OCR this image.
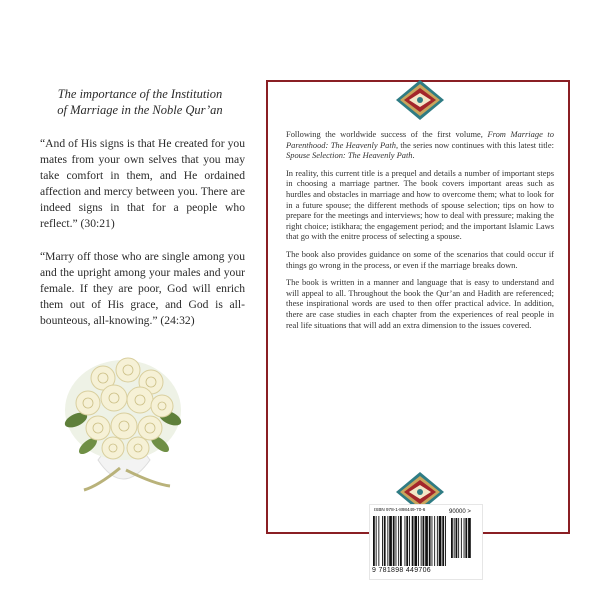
The importance of the Institution
of Marriage in the Noble Qur’an
“And of His signs is that He created for you mates from your own selves that you may take comfort in them, and He ordained affection and mercy between you. There are indeed signs in that for a people who reflect.” (30:21)
“Marry off those who are single among you and the upright among your males and your female. If they are poor, God will enrich them out of His grace, and God is all-bounteous, all-knowing.” (24:32)

Following the worldwide success of the first volume, From Marriage to Parenthood: The Heavenly Path, the series now continues with this latest title: Spouse Selection: The Heavenly Path.

In reality, this current title is a prequel and details a number of important steps in choosing a marriage partner. The book covers important areas such as hurdles and obstacles in marriage and how to overcome them; what to look for in a future spouse; the different methods of spouse selection; tips on how to prepare for the meetings and interviews; how to deal with pressure; making the right choice; istikhara; the engagement period; and the important Islamic Laws that go with the enitre process of selecting a spouse.

The book also provides guidance on some of the scenarios that could occur if things go wrong in the process, or even if the marriage breaks down.

The book is written in a manner and language that is easy to understand and will appeal to all. Throughout the book the Qur’an and Hadith are referenced; these inspirational words are used to then offer practical advice. In addition, there are case studies in each chapter from the experiences of real people in real life situations that will add an extra dimension to the issues covered.

ISBN 978-1-898449-70-6	90000 >
9 781898 449706
